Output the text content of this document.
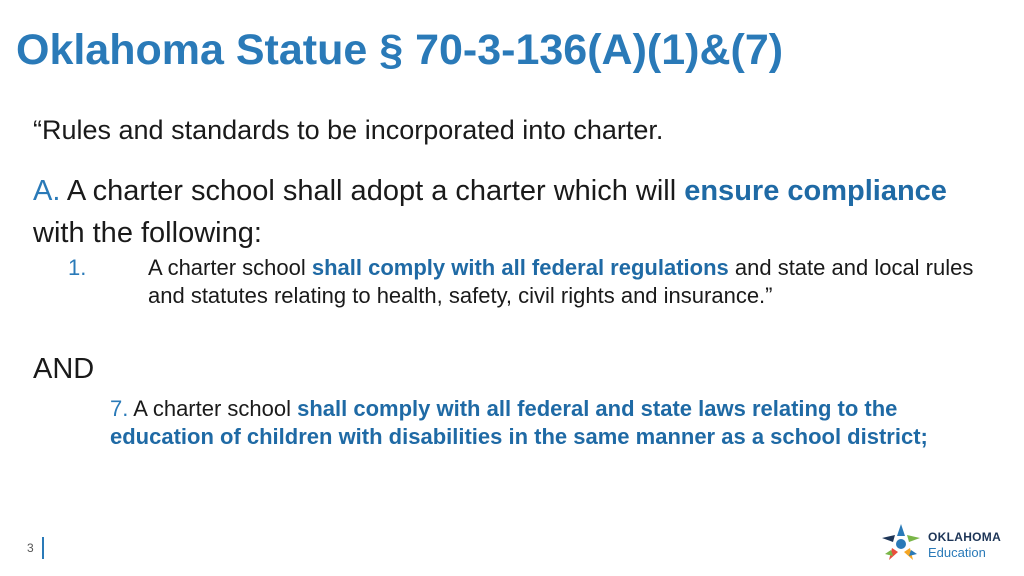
Oklahoma Statue § 70-3-136(A)(1)&(7)

“Rules and standards to be incorporated into charter.

A. A charter school shall adopt a charter which will ensure compliance with the following:

1.	A charter school shall comply with all federal regulations and state and local rules and statutes relating to health, safety, civil rights and insurance.”

AND

7. A charter school shall comply with all federal and state laws relating to the education of children with disabilities in the same manner as a school district;

3
OKLAHOMA
Education
